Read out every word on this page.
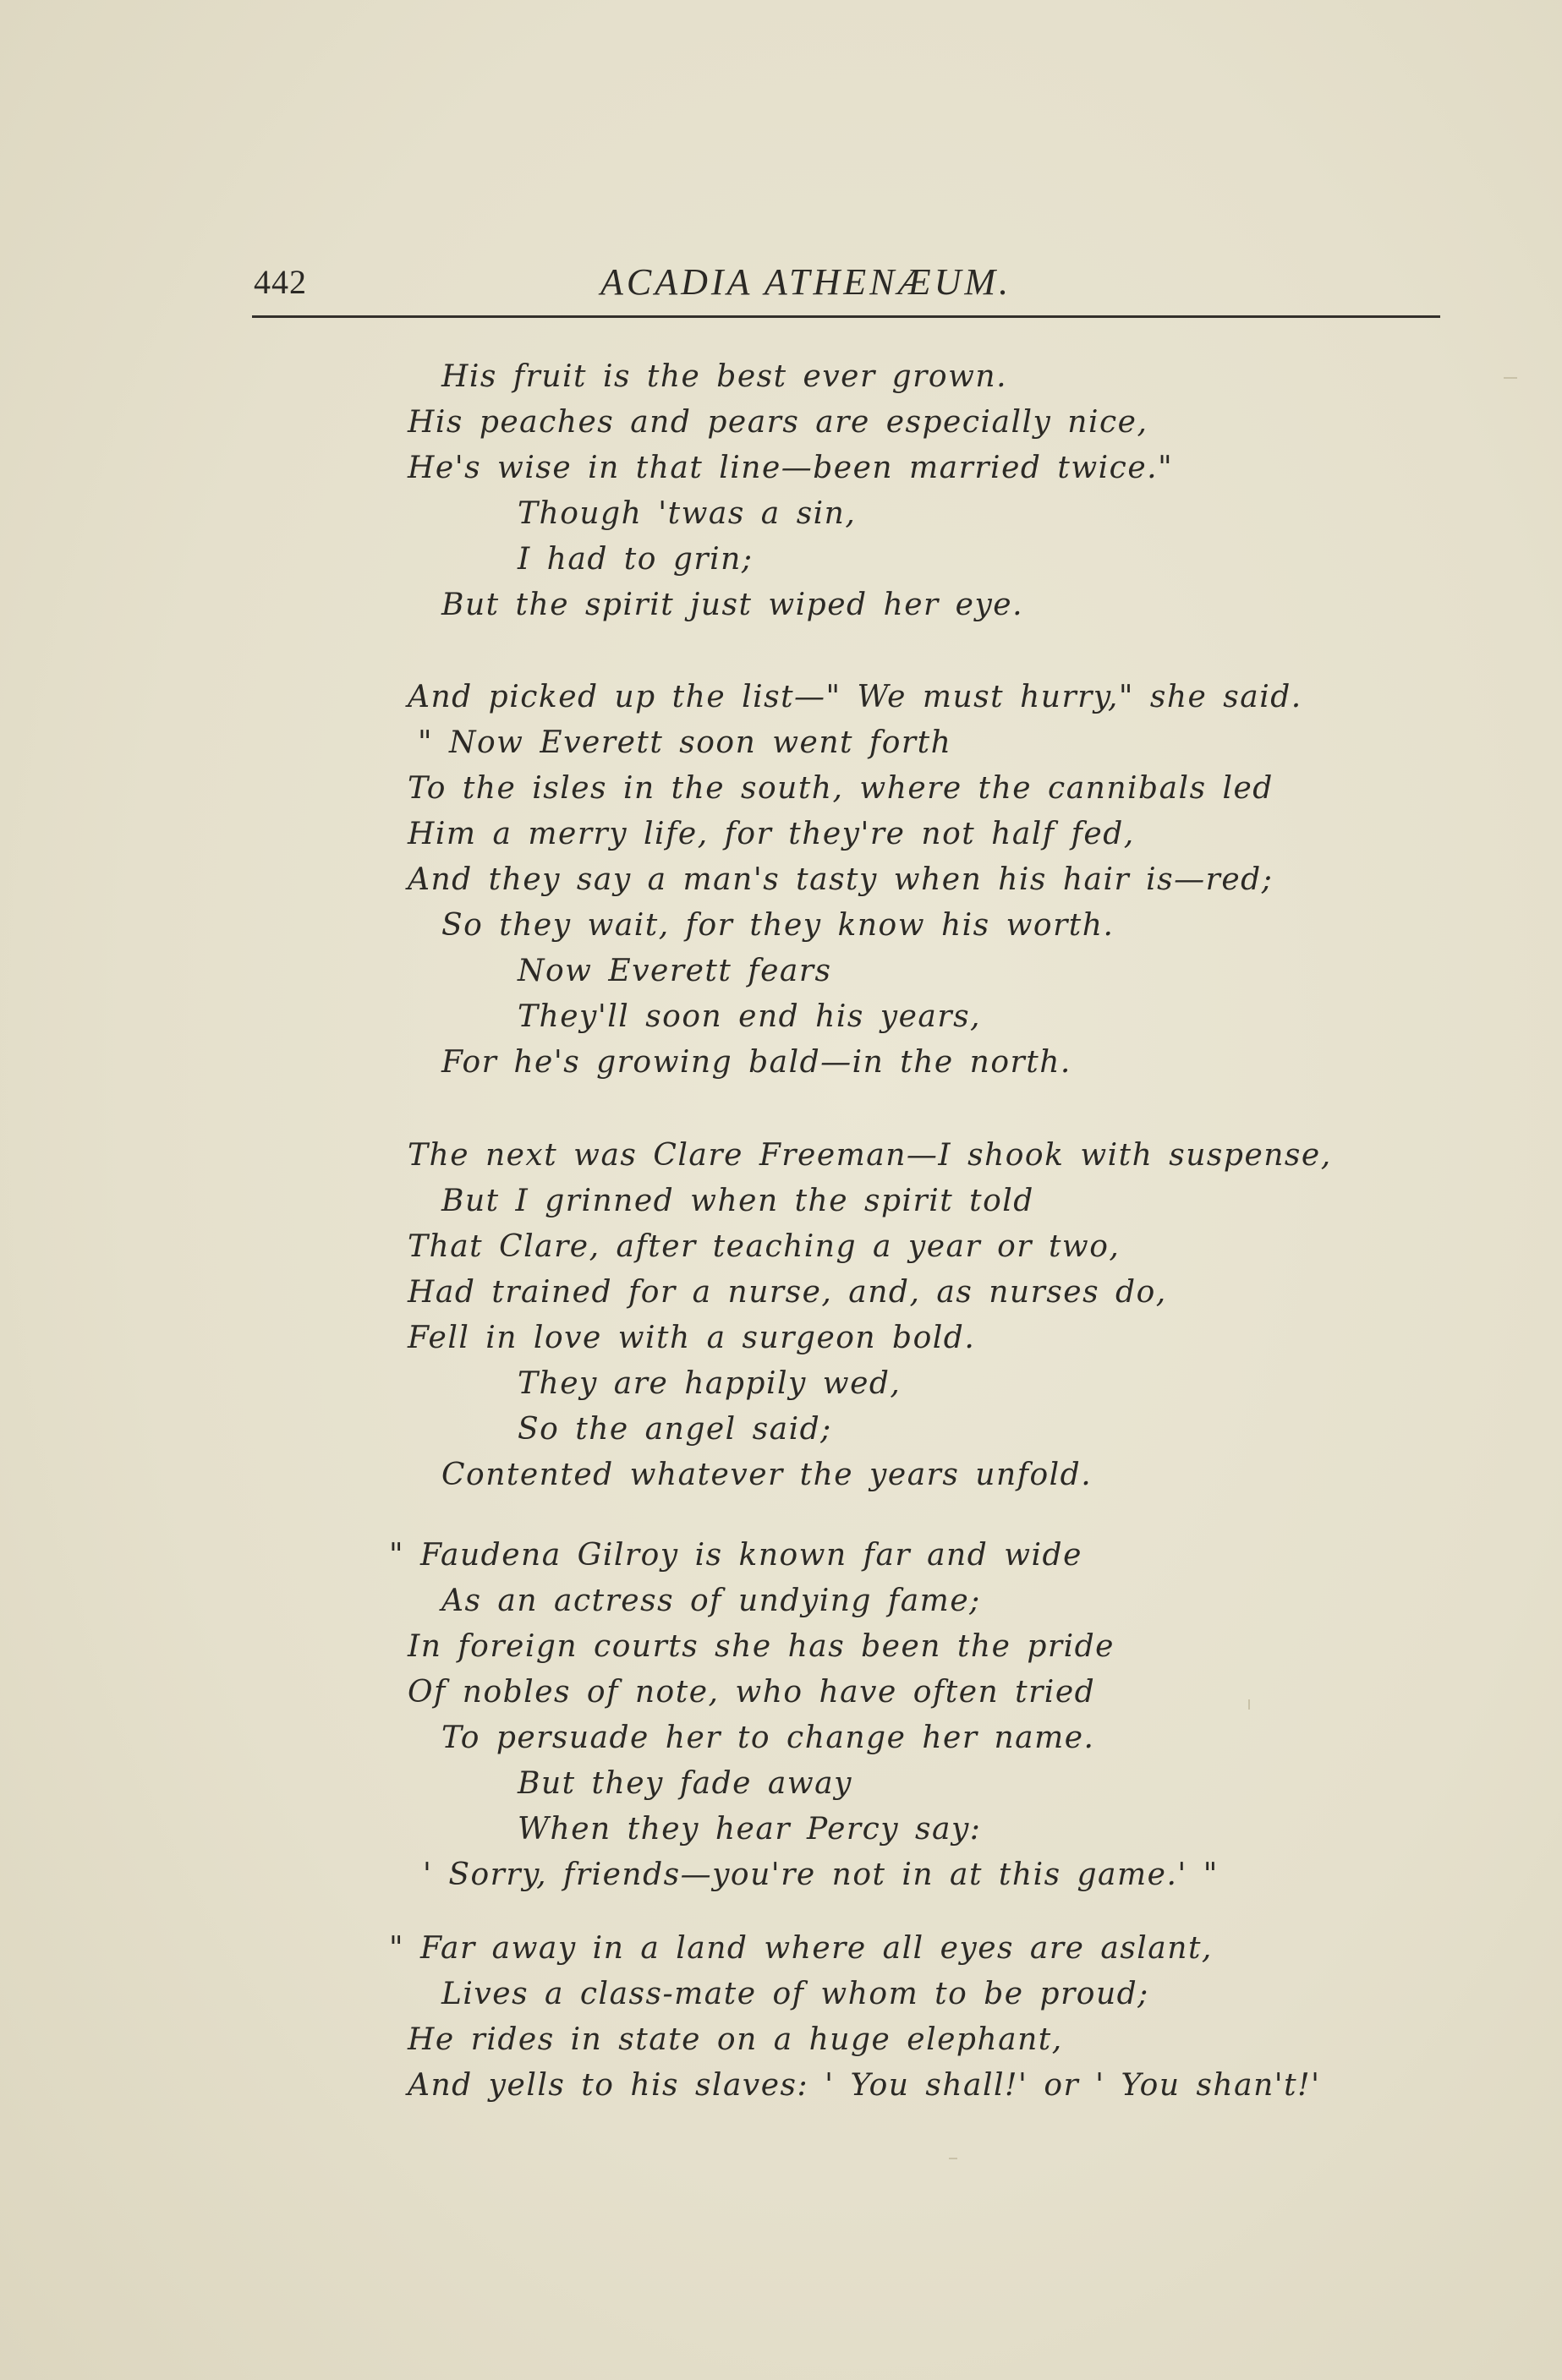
442	ACADIA ATHENÆUM.
His fruit is the best ever grown.
His peaches and pears are especially nice,
He's wise in that line—been married twice."
Though 'twas a sin,
I had to grin;
But the spirit just wiped her eye.
And picked up the list—" We must hurry," she said.
" Now Everett soon went forth
To the isles in the south, where the cannibals led
Him a merry life, for they're not half fed,
And they say a man's tasty when his hair is—red;
So they wait, for they know his worth.
Now Everett fears
They'll soon end his years,
For he's growing bald—in the north.
The next was Clare Freeman—I shook with suspense,
But I grinned when the spirit told
That Clare, after teaching a year or two,
Had trained for a nurse, and, as nurses do,
Fell in love with a surgeon bold.
They are happily wed,
So the angel said;
Contented whatever the years unfold.
" Faudena Gilroy is known far and wide
As an actress of undying fame;
In foreign courts she has been the pride
Of nobles of note, who have often tried
To persuade her to change her name.
But they fade away
When they hear Percy say:
' Sorry, friends—you're not in at this game.' "
" Far away in a land where all eyes are aslant,
Lives a class-mate of whom to be proud;
He rides in state on a huge elephant,
And yells to his slaves: ' You shall!' or ' You shan't!'
